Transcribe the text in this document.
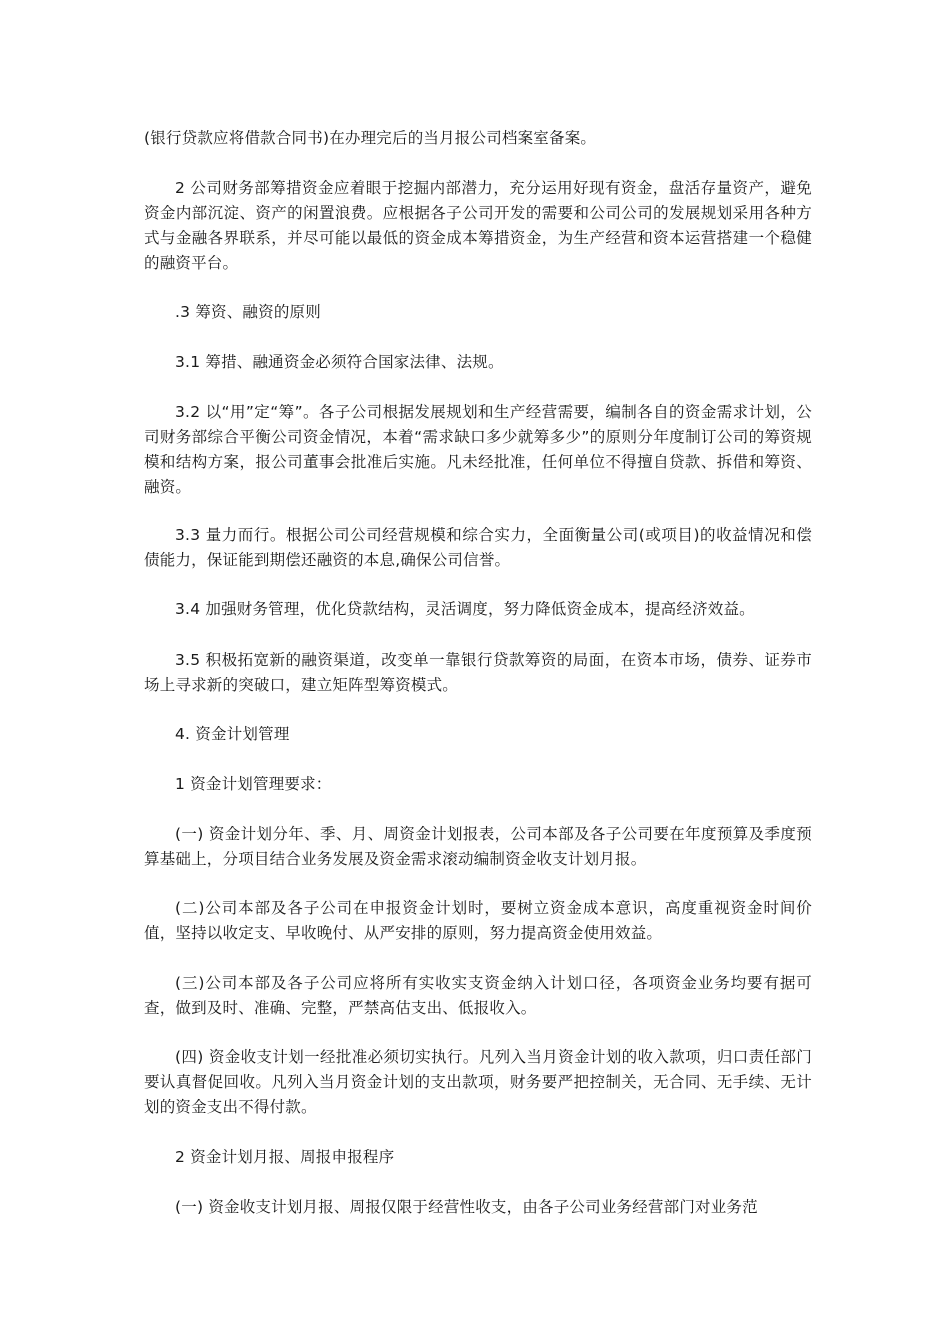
(银行贷款应将借款合同书)在办理完后的当月报公司档案室备案。

2 公司财务部筹措资金应着眼于挖掘内部潜力，充分运用好现有资金，盘活存量资产，避免资金内部沉淀、资产的闲置浪费。应根据各子公司开发的需要和公司公司的发展规划采用各种方式与金融各界联系，并尽可能以最低的资金成本筹措资金，为生产经营和资本运营搭建一个稳健的融资平台。

.3 筹资、融资的原则

3.1 筹措、融通资金必须符合国家法律、法规。

3.2 以“用”定“筹”。各子公司根据发展规划和生产经营需要，编制各自的资金需求计划，公司财务部综合平衡公司资金情况，本着“需求缺口多少就筹多少”的原则分年度制订公司的筹资规模和结构方案，报公司董事会批准后实施。凡未经批准，任何单位不得擅自贷款、拆借和筹资、融资。

3.3 量力而行。根据公司公司经营规模和综合实力，全面衡量公司(或项目)的收益情况和偿债能力，保证能到期偿还融资的本息,确保公司信誉。

3.4 加强财务管理，优化贷款结构，灵活调度，努力降低资金成本，提高经济效益。

3.5 积极拓宽新的融资渠道，改变单一靠银行贷款筹资的局面，在资本市场，债券、证券市场上寻求新的突破口，建立矩阵型筹资模式。

4. 资金计划管理

1 资金计划管理要求：

(一) 资金计划分年、季、月、周资金计划报表，公司本部及各子公司要在年度预算及季度预算基础上，分项目结合业务发展及资金需求滚动编制资金收支计划月报。

(二)公司本部及各子公司在申报资金计划时，要树立资金成本意识，高度重视资金时间价值，坚持以收定支、早收晚付、从严安排的原则，努力提高资金使用效益。

(三)公司本部及各子公司应将所有实收实支资金纳入计划口径，各项资金业务均要有据可查，做到及时、准确、完整，严禁高估支出、低报收入。

(四) 资金收支计划一经批准必须切实执行。凡列入当月资金计划的收入款项，归口责任部门要认真督促回收。凡列入当月资金计划的支出款项，财务要严把控制关，无合同、无手续、无计划的资金支出不得付款。

2 资金计划月报、周报申报程序

(一) 资金收支计划月报、周报仅限于经营性收支，由各子公司业务经营部门对业务范
